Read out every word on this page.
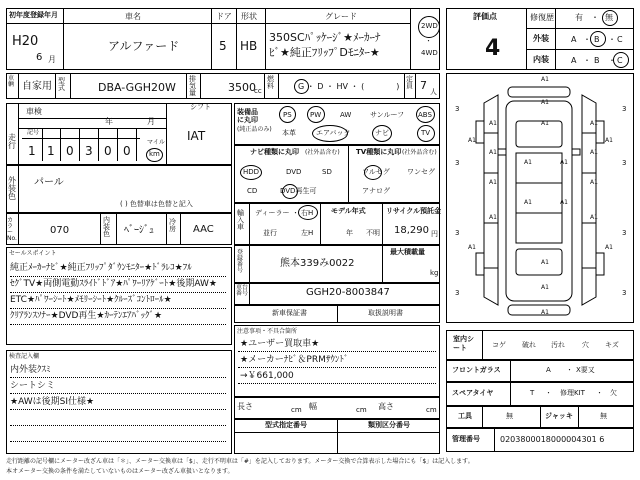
初年度登録年月
H20
6 月
車名
アルファード
ドア
5
形状
HB
グレード
350SCﾊﾟｯｹｰｼﾞ★ﾒｰｶｰﾅ
ﾋﾞ★純正ﾌﾘｯﾌﾟDﾓﾆﾀｰ★
2WD
・
4WD
車輌 自家用 型式	DBA-GGH20W
排気量	3500
cc
燃料	G ・ D ・ HV ・ (　　　　)
定員 7 人
車検
年	月
シフト
IAT
走行
記号
1 1 0 3 0 0
マイル
km
外装色
パール
( ) 色替車は色替と記入
カラーNo.
070
内装色	ﾍﾞｰｼﾞｭ
冷房	AAC
セールスポイント
純正ﾒｰｶｰﾅﾋﾞ★純正ﾌﾘｯﾌﾟﾀﾞｳﾝﾓﾆﾀｰ★ﾄﾞﾗﾚｺ★ﾌﾙ
ｾｸﾞTV★両側電動ｽﾗｲﾄﾞﾄﾞｱ★ﾊﾟﾜｰﾘｱｹﾞｰﾄ★後期AW★
ETC★ﾊﾟﾜｰｼｰﾄ★ﾒﾓﾘｰｼｰﾄ★ｸﾙｰｽﾞｺﾝﾄﾛｰﾙ★
ｸﾘｱﾗﾝｽｿﾅｰ★DVD再生★ｶｰﾃﾝｴｱﾊﾞｯｸﾞ★
検査記入欄
内外装ｸｽﾐ
シートシミ
★AWは後期SI仕様★
装備品に丸印
(純正品のみ)
PS	PW	AW	サンルーフ ABS
本革	エアバック	ナビ	TV
ナビ種類に丸印 (社外品含む)
HDD	DVD	SD
CD	DVD再生可
TV種類に丸印 (社外品含む)
フルセグ ワンセグ
アナログ
輸入車
ディーラー ・ 右H
並行	左H
モデル年式
年 不明
リサイクル預託金
18,290 円
登録番号
熊本339み0022
最大積載量
kg
車台番号	GGH20-8003847
新車保証書	取扱説明書
注意事項・不具合箇所
★ユーザー買取車★
★メーカーﾅﾋﾞ＆PRMｻｳﾝﾄﾞ
→￥661,000
長さ	cm 幅	cm 高さ	cm
型式指定番号	類別区分番号
評価点
4
修復歴	有 ・ 無
外装	A ・ B ・ C
内装	A ・ B ・ C
A1
A1
A1
A1	A1
A1	A1
A1	A1
A1	A1
A1	A1
A1	A1
A1	A1
A1	A1
A1
A1
A1
3	3
3	3
3	3
3	3
室内シート	コゲ 破れ 汚れ 穴 キズ
フロントガラス	A ・ X要又
スペアタイヤ	T ・ 修理KIT ・ 欠
工具	無	ジャッキ	無
管理番号	0203800018000004301 6
走行距離の記号欄にメーター改ざん車は「＊」、メーター交換車は「$」、走行不明車は「#」を記入しております。メーター交換で合算表示した場合にも「$」は記入します。
本オメーター交換の条件を満たしていないものはメーター改ざん車扱いとなります。
